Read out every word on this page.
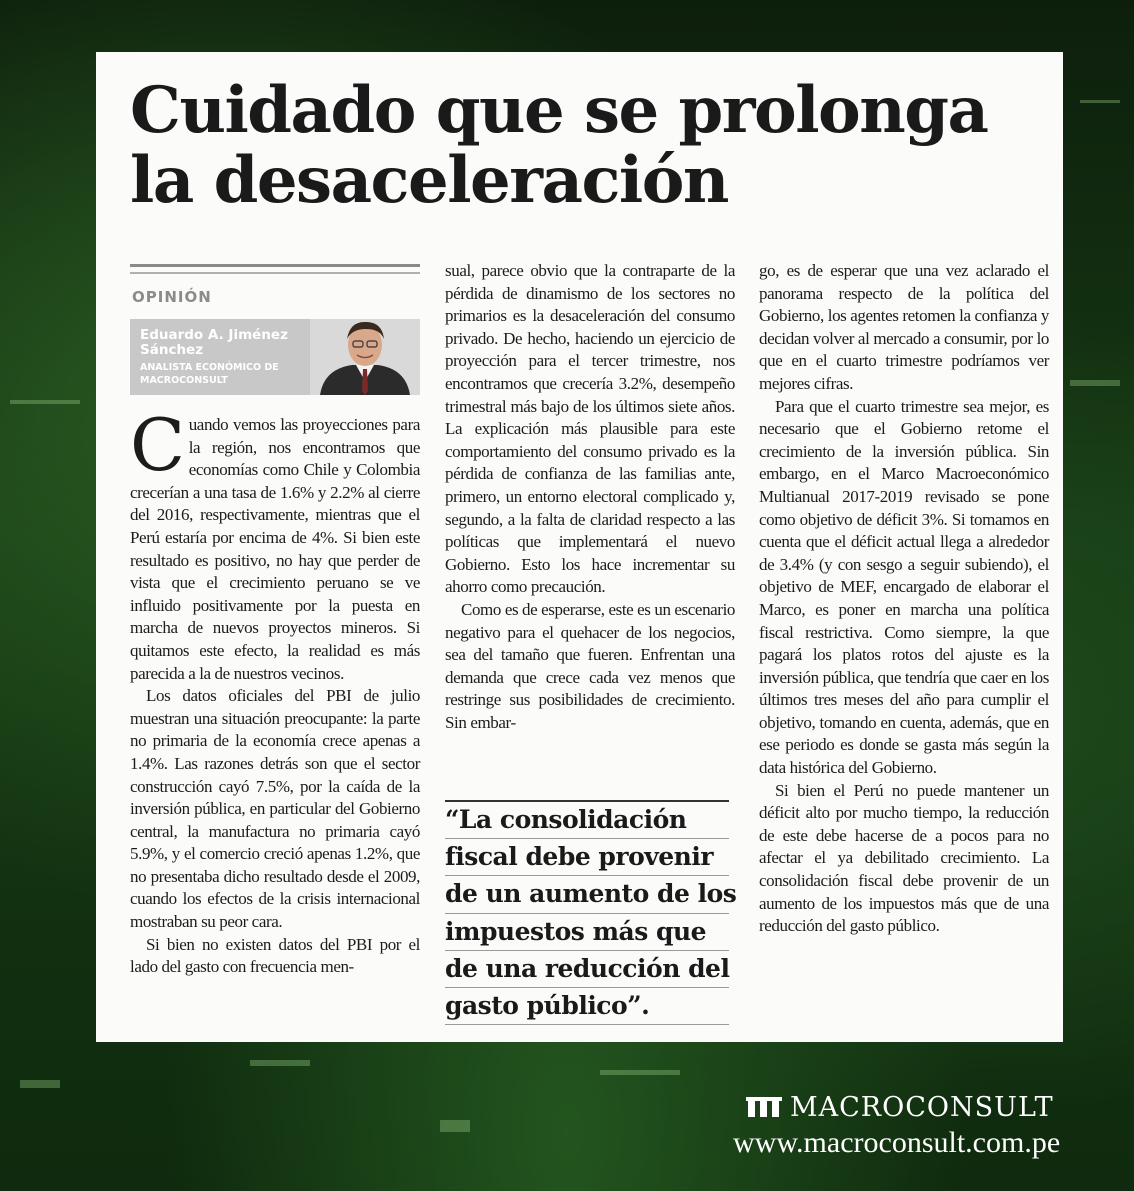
Cuidado que se prolonga
la desaceleración
OPINIÓN
Eduardo A. Jiménez Sánchez
ANALISTA ECONÓMICO DE MACROCONSULT

Cuando vemos las proyecciones para la región, nos encontramos que economías como Chile y Colombia crecerían a una tasa de 1.6% y 2.2% al cierre del 2016, respectivamente, mientras que el Perú estaría por encima de 4%. Si bien este resultado es positivo, no hay que perder de vista que el crecimiento peruano se ve influido positivamente por la puesta en marcha de nuevos proyectos mineros. Si quitamos este efecto, la realidad es más parecida a la de nuestros vecinos.

Los datos oficiales del PBI de julio muestran una situación preocupante: la parte no primaria de la economía crece apenas a 1.4%. Las razones detrás son que el sector construcción cayó 7.5%, por la caída de la inversión pública, en particular del Gobierno central, la manufactura no primaria cayó 5.9%, y el comercio creció apenas 1.2%, que no presentaba dicho resultado desde el 2009, cuando los efectos de la crisis internacional mostraban su peor cara.

Si bien no existen datos del PBI por el lado del gasto con frecuencia men-

sual, parece obvio que la contraparte de la pérdida de dinamismo de los sectores no primarios es la desaceleración del consumo privado. De hecho, haciendo un ejercicio de proyección para el tercer trimestre, nos encontramos que crecería 3.2%, desempeño trimestral más bajo de los últimos siete años. La explicación más plausible para este comportamiento del consumo privado es la pérdida de confianza de las familias ante, primero, un entorno electoral complicado y, segundo, a la falta de claridad respecto a las políticas que implementará el nuevo Gobierno. Esto los hace incrementar su ahorro como precaución.

Como es de esperarse, este es un escenario negativo para el quehacer de los negocios, sea del tamaño que fueren. Enfrentan una demanda que crece cada vez menos que restringe sus posibilidades de crecimiento. Sin embar-

“La consolidación
fiscal debe provenir
de un aumento de los
impuestos más que
de una reducción del
gasto público”.

go, es de esperar que una vez aclarado el panorama respecto de la política del Gobierno, los agentes retomen la confianza y decidan volver al mercado a consumir, por lo que en el cuarto trimestre podríamos ver mejores cifras.

Para que el cuarto trimestre sea mejor, es necesario que el Gobierno retome el crecimiento de la inversión pública. Sin embargo, en el Marco Macroeconómico Multianual 2017-2019 revisado se pone como objetivo de déficit 3%. Si tomamos en cuenta que el déficit actual llega a alrededor de 3.4% (y con sesgo a seguir subiendo), el objetivo de MEF, encargado de elaborar el Marco, es poner en marcha una política fiscal restrictiva. Como siempre, la que pagará los platos rotos del ajuste es la inversión pública, que tendría que caer en los últimos tres meses del año para cumplir el objetivo, tomando en cuenta, además, que en ese periodo es donde se gasta más según la data histórica del Gobierno.

Si bien el Perú no puede mantener un déficit alto por mucho tiempo, la reducción de este debe hacerse de a pocos para no afectar el ya debilitado crecimiento. La consolidación fiscal debe provenir de un aumento de los impuestos más que de una reducción del gasto público.

MACROCONSULT
www.macroconsult.com.pe
